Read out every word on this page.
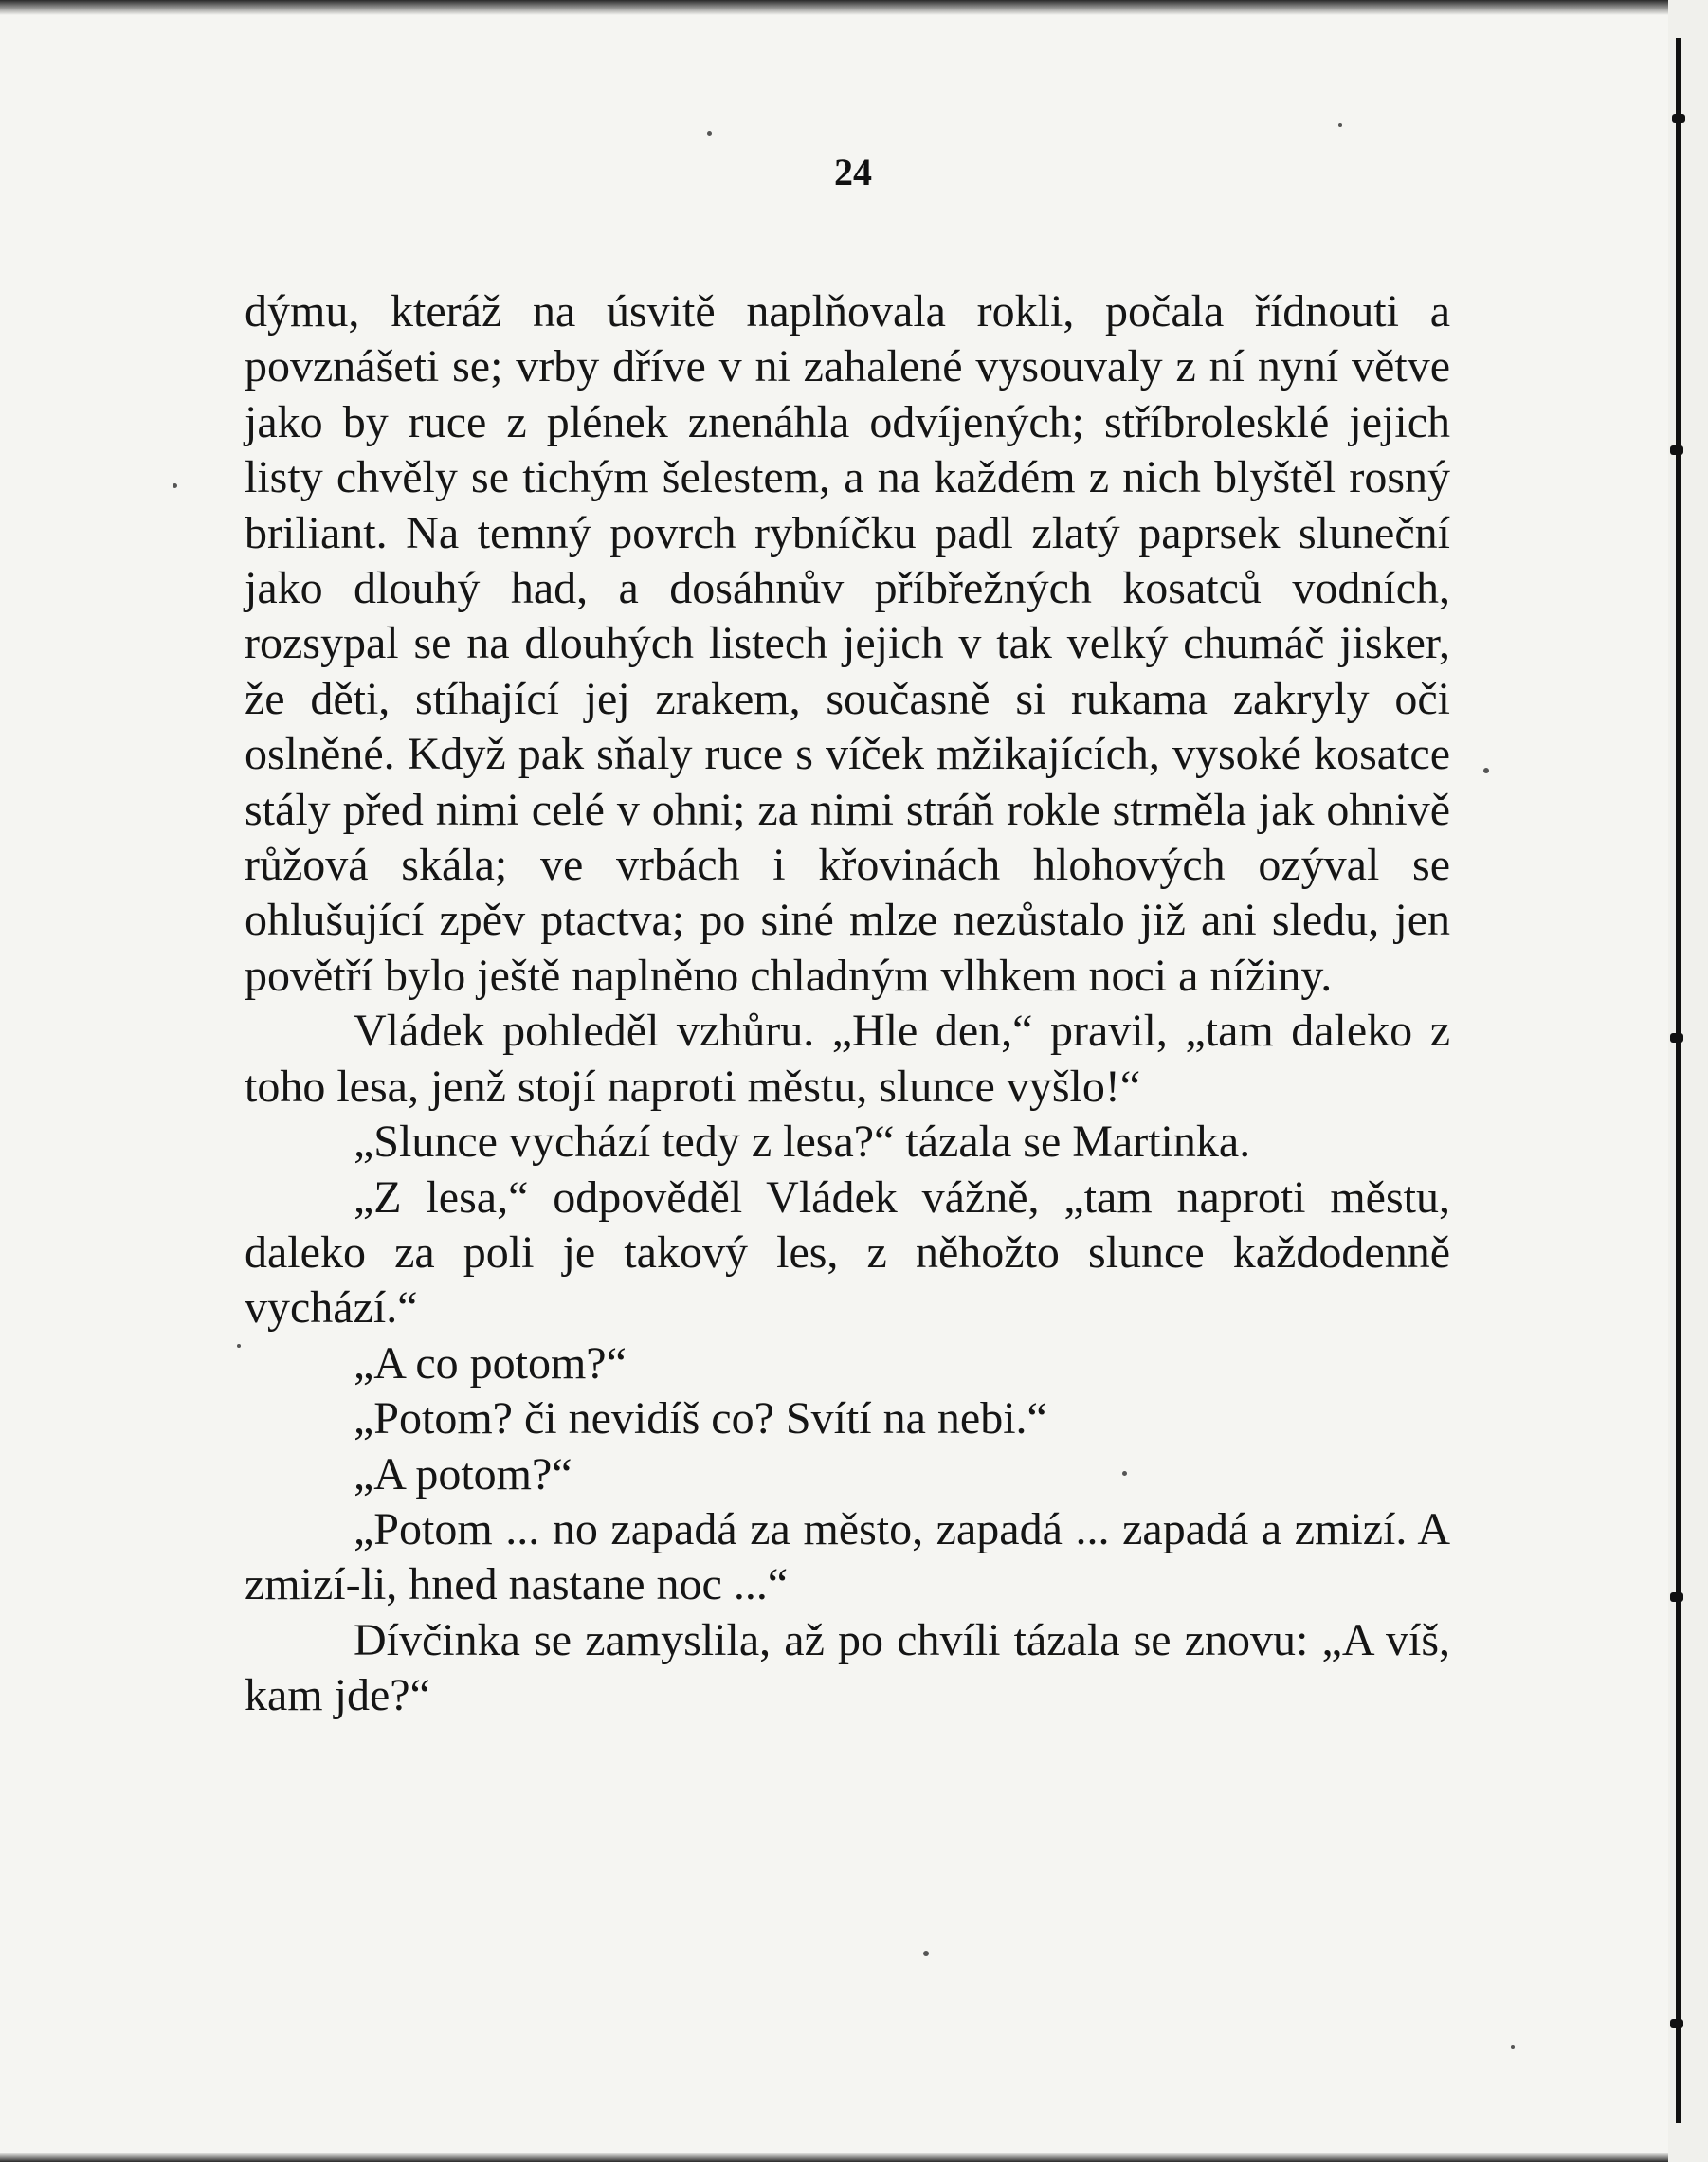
24

dýmu, kteráž na úsvitě naplňovala rokli, počala řídnouti a povznášeti se; vrby dříve v ni zahalené vysouvaly z ní nyní větve jako by ruce z plének znenáhla odvíjených; stříbrolesklé jejich listy chvěly se tichým šelestem, a na každém z nich blyštěl rosný briliant. Na temný povrch rybníčku padl zlatý paprsek sluneční jako dlouhý had, a dosáhnův příbřežných kosatců vodních, rozsypal se na dlouhých listech jejich v tak velký chumáč jisker, že děti, stíhající jej zrakem, současně si rukama zakryly oči oslněné. Když pak sňaly ruce s víček mžikajících, vysoké kosatce stály před nimi celé v ohni; za nimi stráň rokle strměla jak ohnivě růžová skála; ve vrbách i křovinách hlohových ozýval se ohlušující zpěv ptactva; po siné mlze nezůstalo již ani sledu, jen povětří bylo ještě naplněno chladným vlhkem noci a nížiny.

Vládek pohleděl vzhůru. „Hle den,“ pravil, „tam daleko z toho lesa, jenž stojí naproti městu, slunce vyšlo!“

„Slunce vychází tedy z lesa?“ tázala se Martinka.

„Z lesa,“ odpověděl Vládek vážně, „tam naproti městu, daleko za poli je takový les, z něhožto slunce každodenně vychází.“

„A co potom?“

„Potom? či nevidíš co? Svítí na nebi.“

„A potom?“

„Potom ... no zapadá za město, zapadá ... zapadá a zmizí. A zmizí-li, hned nastane noc ...“

Dívčinka se zamyslila, až po chvíli tázala se znovu: „A víš, kam jde?“
